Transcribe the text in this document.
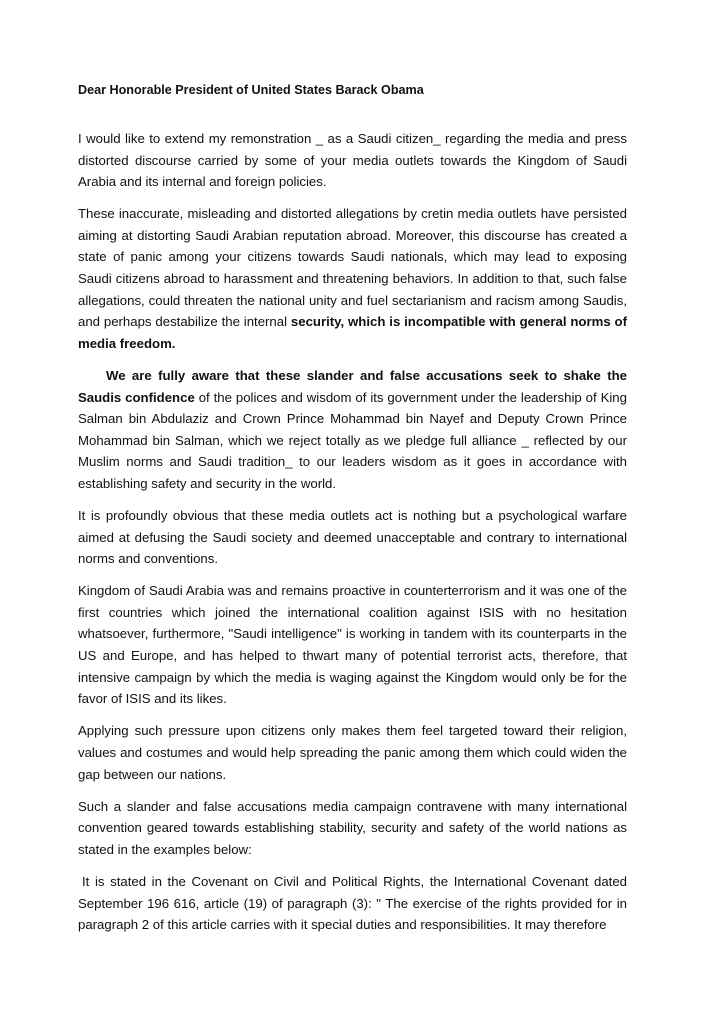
Dear Honorable President of United States Barack Obama

I would like to extend my remonstration _ as a Saudi citizen_ regarding the media and press distorted discourse carried by some of your media outlets towards the Kingdom of Saudi Arabia and its internal and foreign policies.

These inaccurate, misleading and distorted allegations by cretin media outlets have persisted aiming at distorting Saudi Arabian reputation abroad. Moreover, this discourse has created a state of panic among your citizens towards Saudi nationals, which may lead to exposing Saudi citizens abroad to harassment and threatening behaviors. In addition to that, such false allegations, could threaten the national unity and fuel sectarianism and racism among Saudis, and perhaps destabilize the internal security, which is incompatible with general norms of media freedom.

We are fully aware that these slander and false accusations seek to shake the Saudis confidence of the polices and wisdom of its government under the leadership of King Salman bin Abdulaziz and Crown Prince Mohammad bin Nayef and Deputy Crown Prince Mohammad bin Salman, which we reject totally as we pledge full alliance _ reflected by our Muslim norms and Saudi tradition_ to our leaders wisdom as it goes in accordance with establishing safety and security in the world.

It is profoundly obvious that these media outlets act is nothing but a psychological warfare aimed at defusing the Saudi society and deemed unacceptable and contrary to international norms and conventions.

Kingdom of Saudi Arabia was and remains proactive in counterterrorism and it was one of the first countries which joined the international coalition against ISIS with no hesitation whatsoever, furthermore, "Saudi intelligence" is working in tandem with its counterparts in the US and Europe, and has helped to thwart many of potential terrorist acts, therefore, that intensive campaign by which the media is waging against the Kingdom would only be for the favor of ISIS and its likes.

Applying such pressure upon citizens only makes them feel targeted toward their religion, values and costumes and would help spreading the panic among them which could widen the gap between our nations.

Such a slander and false accusations media campaign contravene with many international convention geared towards establishing stability, security and safety of the world nations as stated in the examples below:

It is stated in the Covenant on Civil and Political Rights, the International Covenant dated September 196 616, article (19) of paragraph (3): " The exercise of the rights provided for in paragraph 2 of this article carries with it special duties and responsibilities. It may therefore
